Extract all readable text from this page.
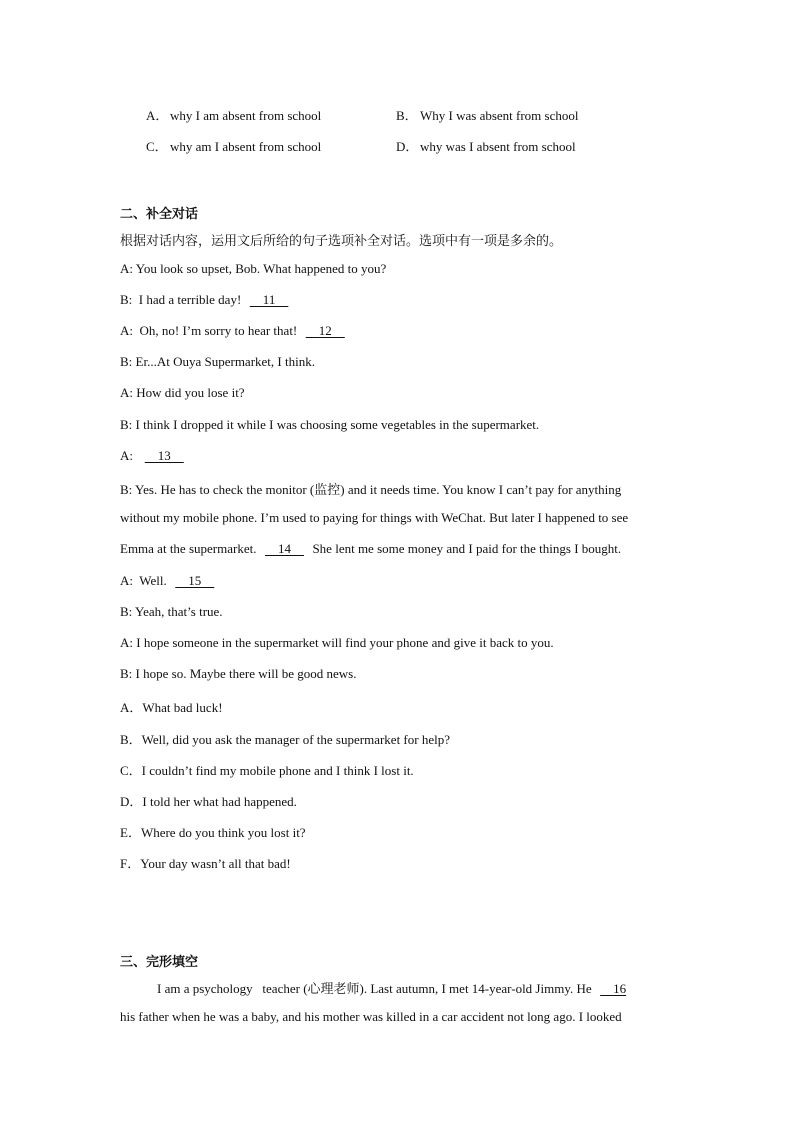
A． why I am absent from school	B． Why I was absent from school
C． why am I absent from school	D． why was I absent from school
二、补全对话
根据对话内容，运用文后所给的句子选项补全对话。选项中有一项是多余的。
A: You look so upset, Bob. What happened to you?
B:  I had a terrible day!      11
A:  Oh, no! I’m sorry to hear that!      12
B: Er...At Ouya Supermarket, I think.
A: How did you lose it?
B: I think I dropped it while I was choosing some vegetables in the supermarket.
A:       13
B: Yes. He has to check the monitor (监控) and it needs time. You know I can’t pay for anything
without my mobile phone. I’m used to paying for things with WeChat. But later I happened to see
Emma at the supermarket.      14      She lent me some money and I paid for the things I bought.
A:  Well.      15
B: Yeah, that’s true.
A: I hope someone in the supermarket will find your phone and give it back to you.
B: I hope so. Maybe there will be good news.
A．What bad luck!
B．Well, did you ask the manager of the supermarket for help?
C．I couldn’t find my mobile phone and I think I lost it.
D．I told her what had happened.
E．Where do you think you lost it?
F．Your day wasn’t all that bad!
三、完形填空
I am a psychology   teacher (心理老师). Last autumn, I met 14-year-old Jimmy. He      16
his father when he was a baby, and his mother was killed in a car accident not long ago. I looked
